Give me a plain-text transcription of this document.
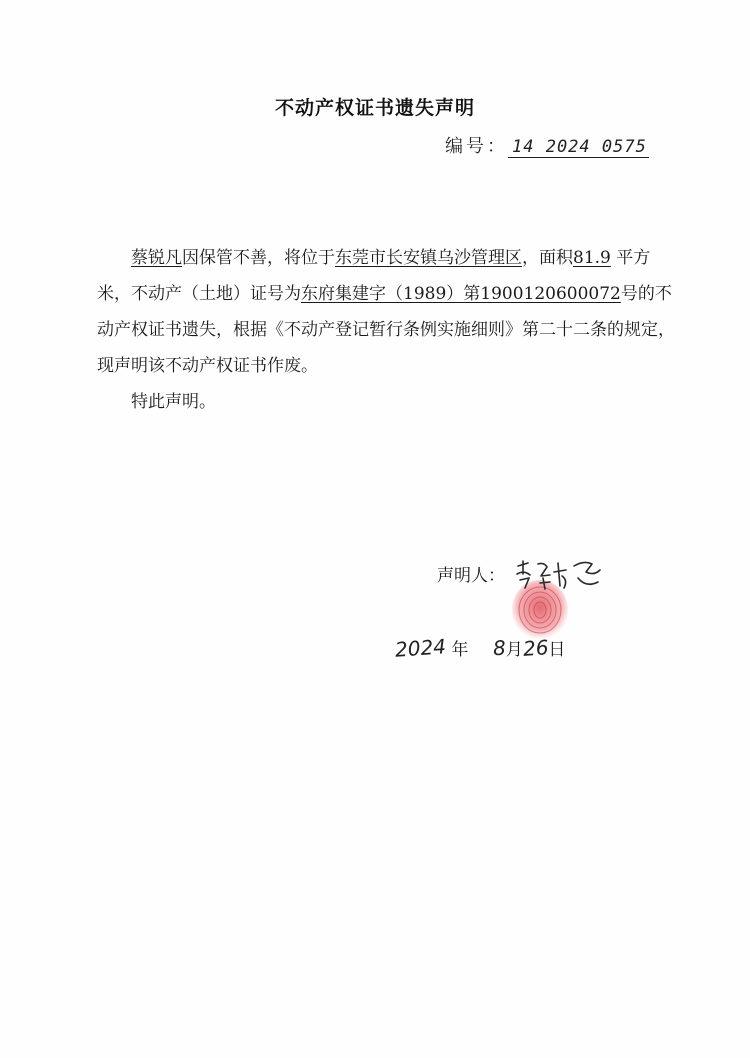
不动产权证书遗失声明
编号： 14 2024 0575

蔡锐凡因保管不善，将位于东莞市长安镇乌沙管理区，面积81.9 平方米，不动产（土地）证号为东府集建字（1989）第1900120600072号的不动产权证书遗失，根据《不动产登记暂行条例实施细则》第二十二条的规定，现声明该不动产权证书作废。

特此声明。

声明人：
2024 年 8月26日
